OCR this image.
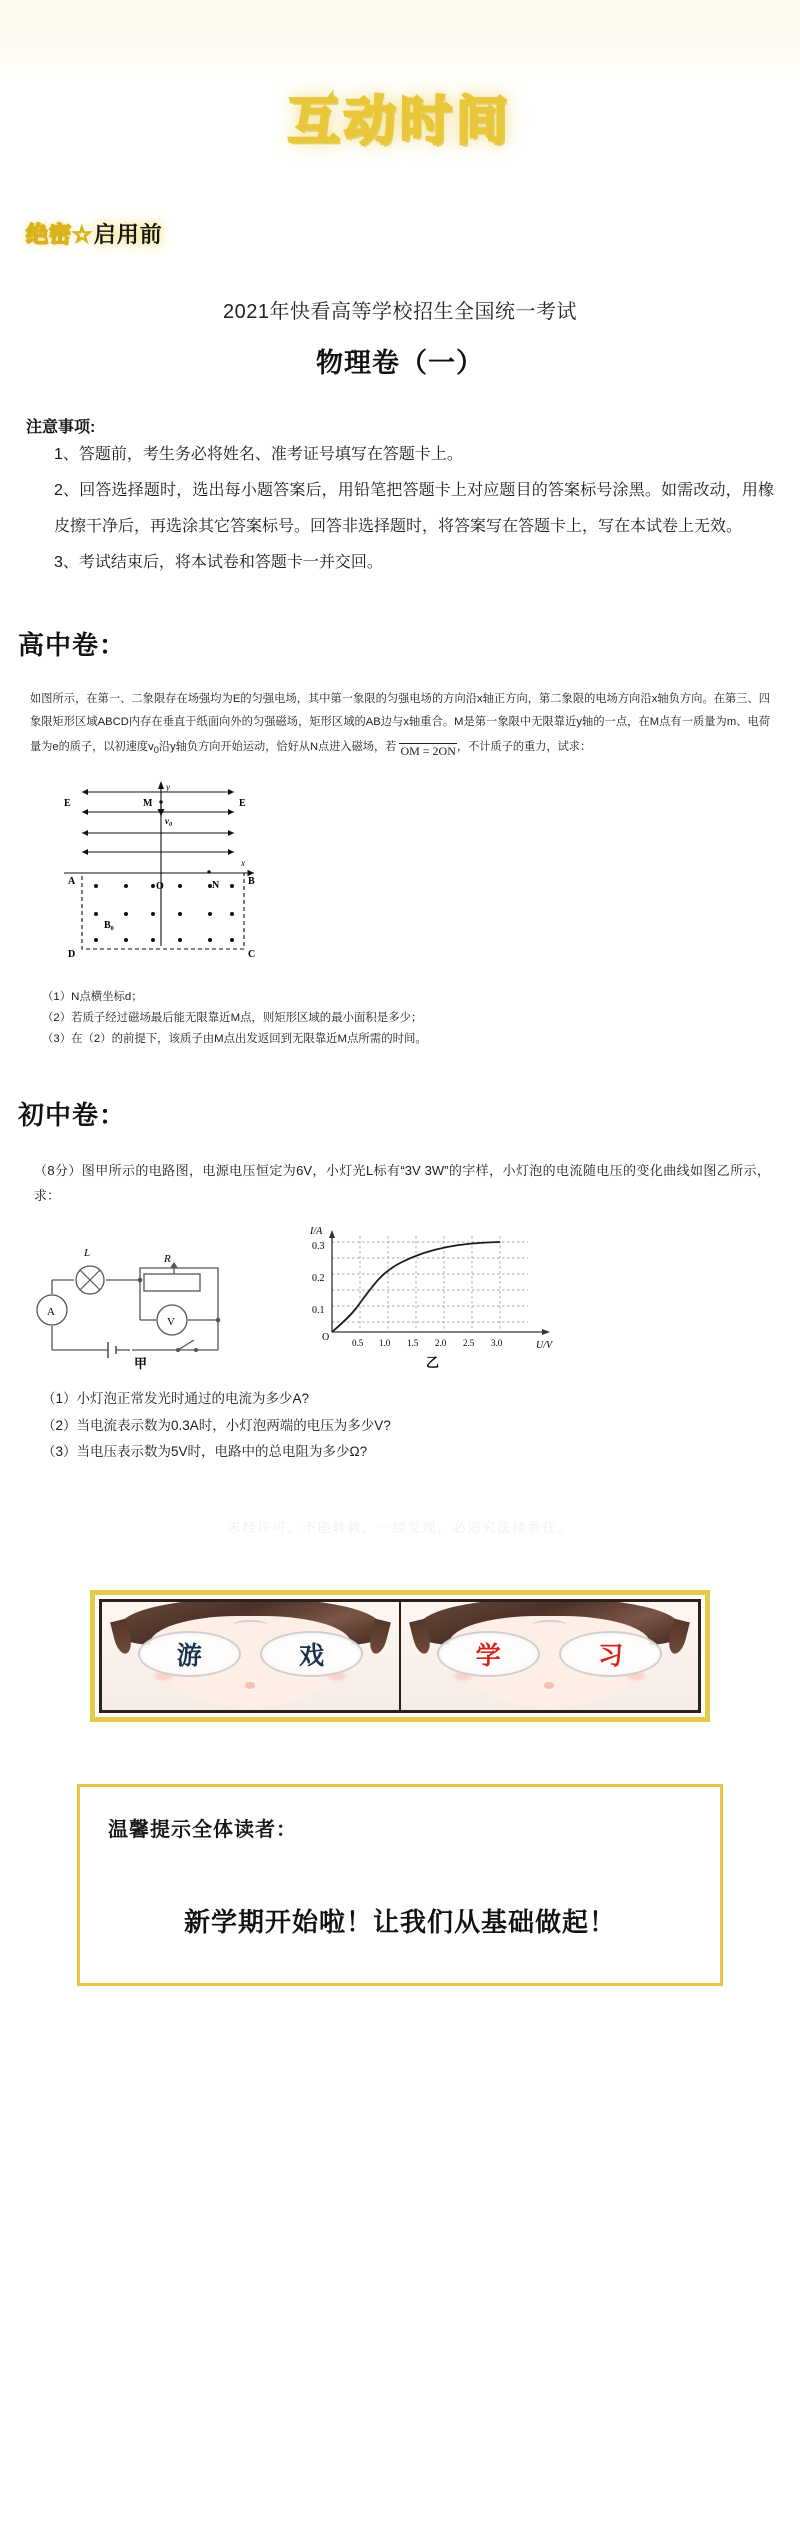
互动时间
绝密☆ 启用前
2021年快看高等学校招生全国统一考试
物理卷（一）
注意事项:
1、答题前，考生务必将姓名、准考证号填写在答题卡上。
2、回答选择题时，选出每小题答案后，用铅笔把答题卡上对应题目的答案标号涂黑。如需改动，用橡皮擦干净后，再选涂其它答案标号。回答非选择题时，将答案写在答题卡上，写在本试卷上无效。
3、考试结束后，将本试卷和答题卡一并交回。
高中卷：
如图所示，在第一、二象限存在场强均为E的匀强电场，其中第一象限的匀强电场的方向沿x轴正方向，第二象限的电场方向沿x轴负方向。在第三、四象限矩形区域ABCD内存在垂直于纸面向外的匀强磁场，矩形区域的AB边与x轴重合。M是第一象限中无限靠近y轴的一点，在M点有一质量为m、电荷量为e的质子，以初速度$v_0$沿y轴负方向开始运动，恰好从N点进入磁场，若 OM = 2ON，不计质子的重力，试求：
y
x
E	E
M
$v_0$
A	B
C
D
O	N
$B_0$
（1）N点横坐标d；
（2）若质子经过磁场最后能无限靠近M点，则矩形区域的最小面积是多少；
（3）在（2）的前提下，该质子由M点出发返回到无限靠近M点所需的时间。
初中卷：
（8分）图甲所示的电路图，电源电压恒定为6V，小灯光L标有“3V 3W”的字样，小灯泡的电流随电压的变化曲线如图乙所示，求：
L	R
A
V
甲
I/A
U/V
0.1
0.2
0.3
O	0.5 1.0 1.5 2.0 2.5 3.0
乙
（1）小灯泡正常发光时通过的电流为多少A?
（2）当电流表示数为0.3A时，小灯泡两端的电压为多少V?
（3）当电压表示数为5V时，电路中的总电阻为多少Ω?
未经许可，不能转载，一经发现，必追究法律责任。
游	戏	学	习
温馨提示全体读者：
新学期开始啦！让我们从基础做起！
